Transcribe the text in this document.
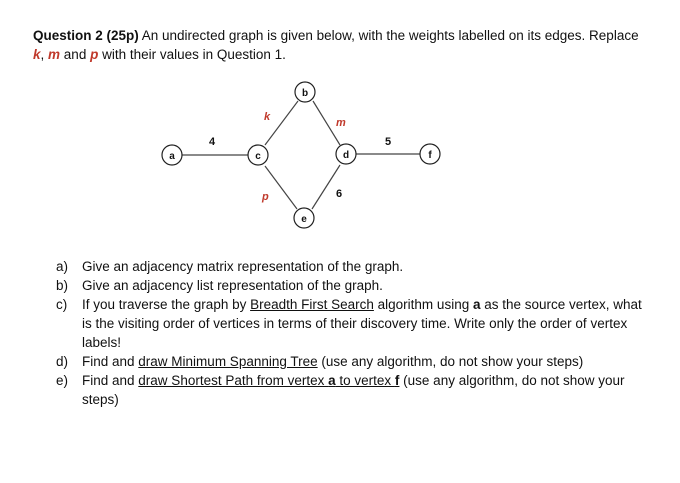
Question 2 (25p) An undirected graph is given below, with the weights labelled on its edges. Replace k, m and p with their values in Question 1.
4
k	m
p	6
5
a	c
b
e
d	f
a) Give an adjacency matrix representation of the graph.
b) Give an adjacency list representation of the graph.
c) If you traverse the graph by Breadth First Search algorithm using a as the source vertex, what is the visiting order of vertices in terms of their discovery time. Write only the order of vertex labels!
d) Find and draw Minimum Spanning Tree (use any algorithm, do not show your steps)
e) Find and draw Shortest Path from vertex a to vertex f (use any algorithm, do not show your steps)
